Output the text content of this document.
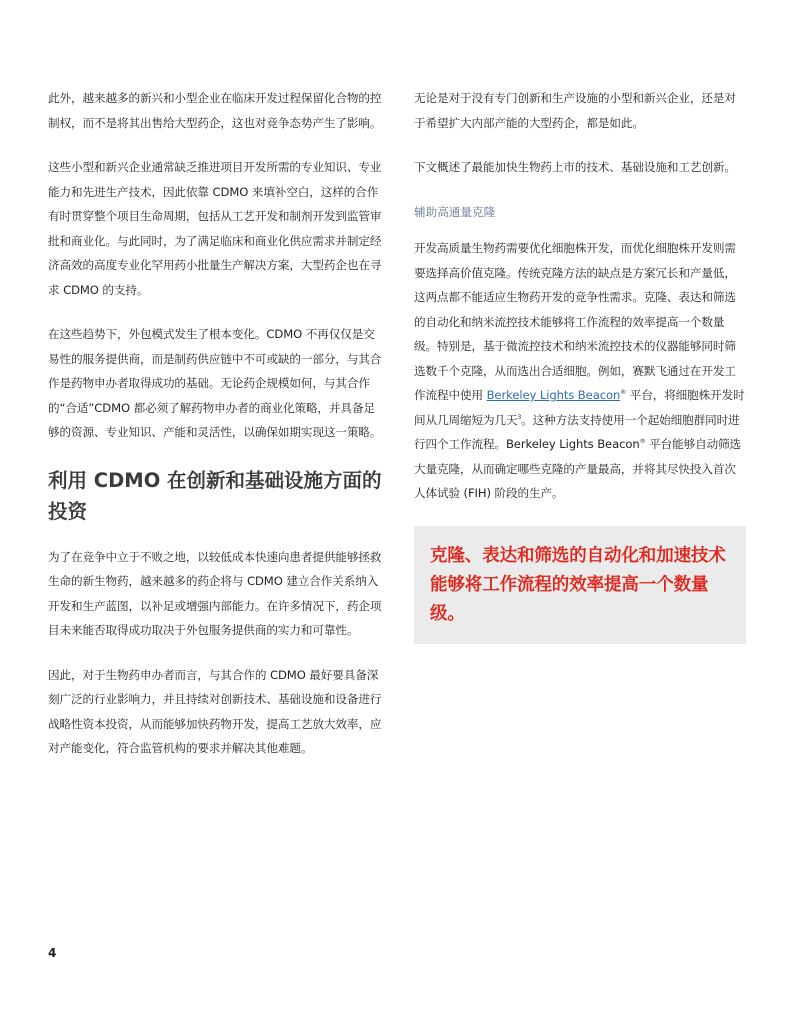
此外，越来越多的新兴和小型企业在临床开发过程保留化合物的控制权，而不是将其出售给大型药企，这也对竞争态势产生了影响。

这些小型和新兴企业通常缺乏推进项目开发所需的专业知识、专业能力和先进生产技术，因此依靠 CDMO 来填补空白，这样的合作有时贯穿整个项目生命周期，包括从工艺开发和制剂开发到监管审批和商业化。与此同时，为了满足临床和商业化供应需求并制定经济高效的高度专业化罕用药小批量生产解决方案，大型药企也在寻求 CDMO 的支持。

在这些趋势下，外包模式发生了根本变化。CDMO 不再仅仅是交易性的服务提供商，而是制药供应链中不可或缺的一部分，与其合作是药物申办者取得成功的基础。无论药企规模如何，与其合作的“合适”CDMO 都必须了解药物申办者的商业化策略，并具备足够的资源、专业知识、产能和灵活性，以确保如期实现这一策略。

利用 CDMO 在创新和基础设施方面的投资

为了在竞争中立于不败之地，以较低成本快速向患者提供能够拯救生命的新生物药，越来越多的药企将与 CDMO 建立合作关系纳入开发和生产蓝图，以补足或增强内部能力。在许多情况下，药企项目未来能否取得成功取决于外包服务提供商的实力和可靠性。

因此，对于生物药申办者而言，与其合作的 CDMO 最好要具备深刻广泛的行业影响力，并且持续对创新技术、基础设施和设备进行战略性资本投资，从而能够加快药物开发，提高工艺放大效率，应对产能变化，符合监管机构的要求并解决其他难题。

无论是对于没有专门创新和生产设施的小型和新兴企业，还是对于希望扩大内部产能的大型药企，都是如此。

下文概述了最能加快生物药上市的技术、基础设施和工艺创新。

辅助高通量克隆

开发高质量生物药需要优化细胞株开发，而优化细胞株开发则需要选择高价值克隆。传统克隆方法的缺点是方案冗长和产量低，这两点都不能适应生物药开发的竞争性需求。克隆、表达和筛选的自动化和纳米流控技术能够将工作流程的效率提高一个数量级。特别是，基于微流控技术和纳米流控技术的仪器能够同时筛选数千个克隆，从而选出合适细胞。例如，赛默飞通过在开发工作流程中使用 Berkeley Lights Beacon® 平台，将细胞株开发时间从几周缩短为几天$^3$。这种方法支持使用一个起始细胞群同时进行四个工作流程。Berkeley Lights Beacon® 平台能够自动筛选大量克隆，从而确定哪些克隆的产量最高，并将其尽快投入首次人体试验 (FIH) 阶段的生产。

克隆、表达和筛选的自动化和加速技术能够将工作流程的效率提高一个数量级。

4
